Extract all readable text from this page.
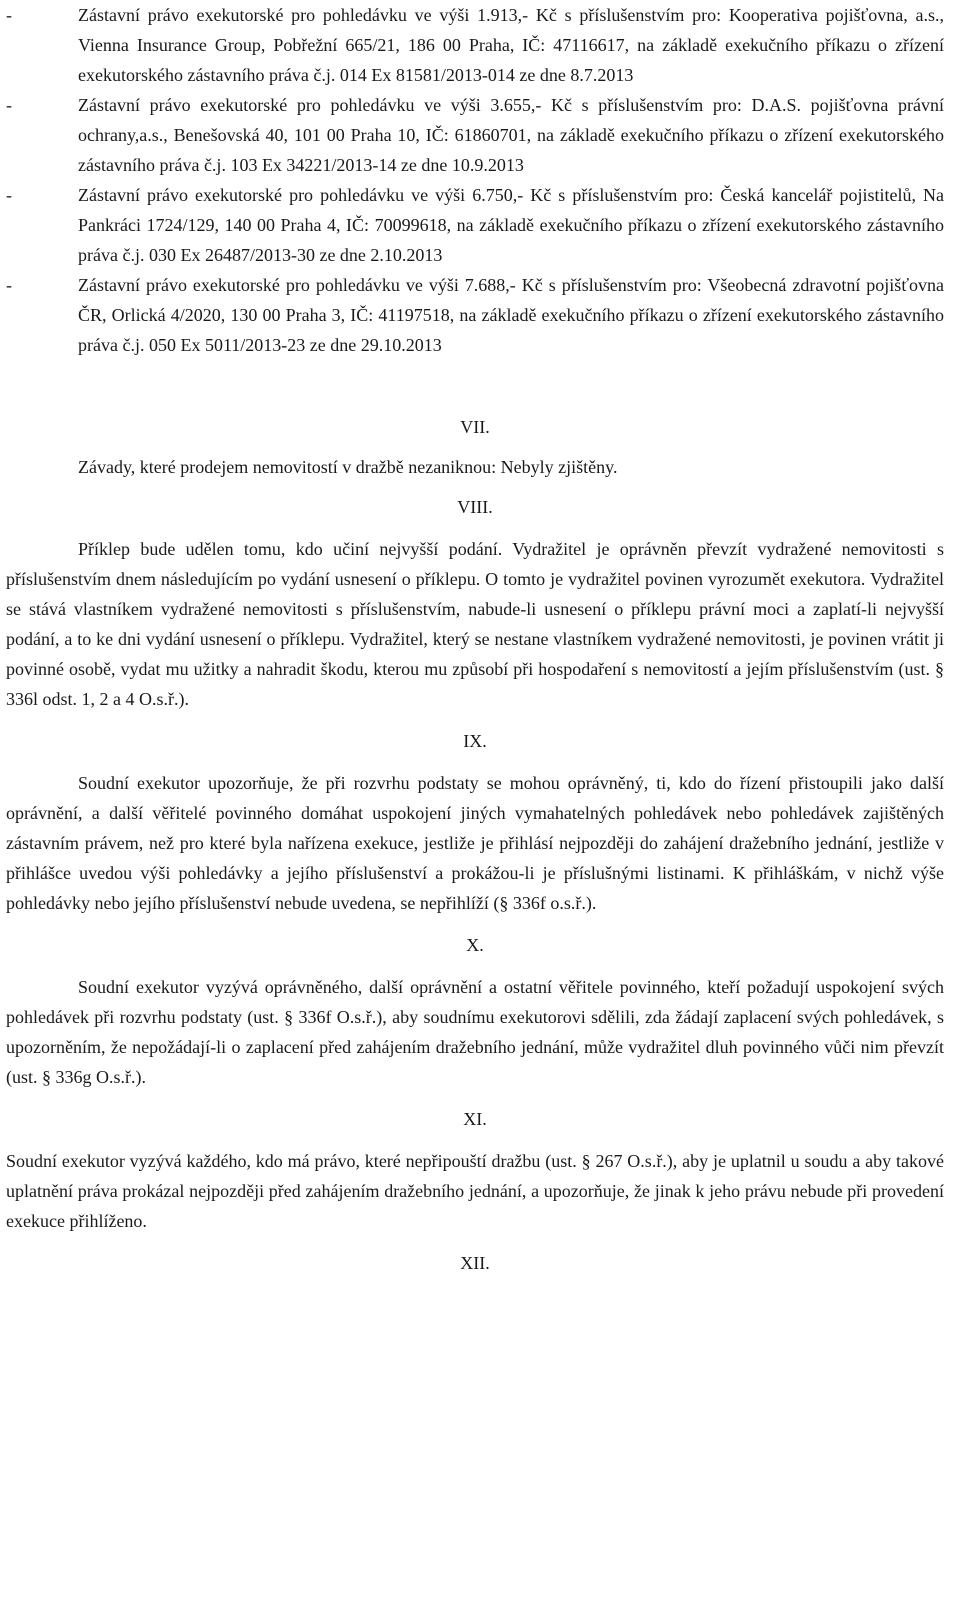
- Zástavní právo exekutorské pro pohledávku ve výši 1.913,- Kč s příslušenstvím pro: Kooperativa pojišťovna, a.s., Vienna Insurance Group, Pobřežní 665/21, 186 00 Praha, IČ: 47116617, na základě exekučního příkazu o zřízení exekutorského zástavního práva č.j. 014 Ex 81581/2013-014 ze dne 8.7.2013
- Zástavní právo exekutorské pro pohledávku ve výši 3.655,- Kč s příslušenstvím pro: D.A.S. pojišťovna právní ochrany,a.s., Benešovská 40, 101 00 Praha 10, IČ: 61860701, na základě exekučního příkazu o zřízení exekutorského zástavního práva č.j. 103 Ex 34221/2013-14 ze dne 10.9.2013
- Zástavní právo exekutorské pro pohledávku ve výši 6.750,- Kč s příslušenstvím pro: Česká kancelář pojistitelů, Na Pankráci 1724/129, 140 00 Praha 4, IČ: 70099618, na základě exekučního příkazu o zřízení exekutorského zástavního práva č.j. 030 Ex 26487/2013-30 ze dne 2.10.2013
- Zástavní právo exekutorské pro pohledávku ve výši 7.688,- Kč s příslušenstvím pro: Všeobecná zdravotní pojišťovna ČR, Orlická 4/2020, 130 00 Praha 3, IČ: 41197518, na základě exekučního příkazu o zřízení exekutorského zástavního práva č.j. 050 Ex 5011/2013-23 ze dne 29.10.2013

VII.

Závady, které prodejem nemovitostí v dražbě nezaniknou: Nebyly zjištěny.

VIII.

Příklep bude udělen tomu, kdo učiní nejvyšší podání. Vydražitel je oprávněn převzít vydražené nemovitosti s příslušenstvím dnem následujícím po vydání usnesení o příklepu. O tomto je vydražitel povinen vyrozumět exekutora. Vydražitel se stává vlastníkem vydražené nemovitosti s příslušenstvím, nabude-li usnesení o příklepu právní moci a zaplatí-li nejvyšší podání, a to ke dni vydání usnesení o příklepu. Vydražitel, který se nestane vlastníkem vydražené nemovitosti, je povinen vrátit ji povinné osobě, vydat mu užitky a nahradit škodu, kterou mu způsobí při hospodaření s nemovitostí a jejím příslušenstvím (ust. § 336l odst. 1, 2 a 4 O.s.ř.).

IX.

Soudní exekutor upozorňuje, že při rozvrhu podstaty se mohou oprávněný, ti, kdo do řízení přistoupili jako další oprávnění, a další věřitelé povinného domáhat uspokojení jiných vymahatelných pohledávek nebo pohledávek zajištěných zástavním právem, než pro které byla nařízena exekuce, jestliže je přihlásí nejpozději do zahájení dražebního jednání, jestliže v přihlášce uvedou výši pohledávky a jejího příslušenství a prokážou-li je příslušnými listinami. K přihláškám, v nichž výše pohledávky nebo jejího příslušenství nebude uvedena, se nepřihlíží (§ 336f o.s.ř.).

X.

Soudní exekutor vyzývá oprávněného, další oprávnění a ostatní věřitele povinného, kteří požadují uspokojení svých pohledávek při rozvrhu podstaty (ust. § 336f O.s.ř.), aby soudnímu exekutorovi sdělili, zda žádají zaplacení svých pohledávek, s upozorněním, že nepožádají-li o zaplacení před zahájením dražebního jednání, může vydražitel dluh povinného vůči nim převzít (ust. § 336g O.s.ř.).

XI.

Soudní exekutor vyzývá každého, kdo má právo, které nepřipouští dražbu (ust. § 267 O.s.ř.), aby je uplatnil u soudu a aby takové uplatnění práva prokázal nejpozději před zahájením dražebního jednání, a upozorňuje, že jinak k jeho právu nebude při provedení exekuce přihlíženo.

XII.
